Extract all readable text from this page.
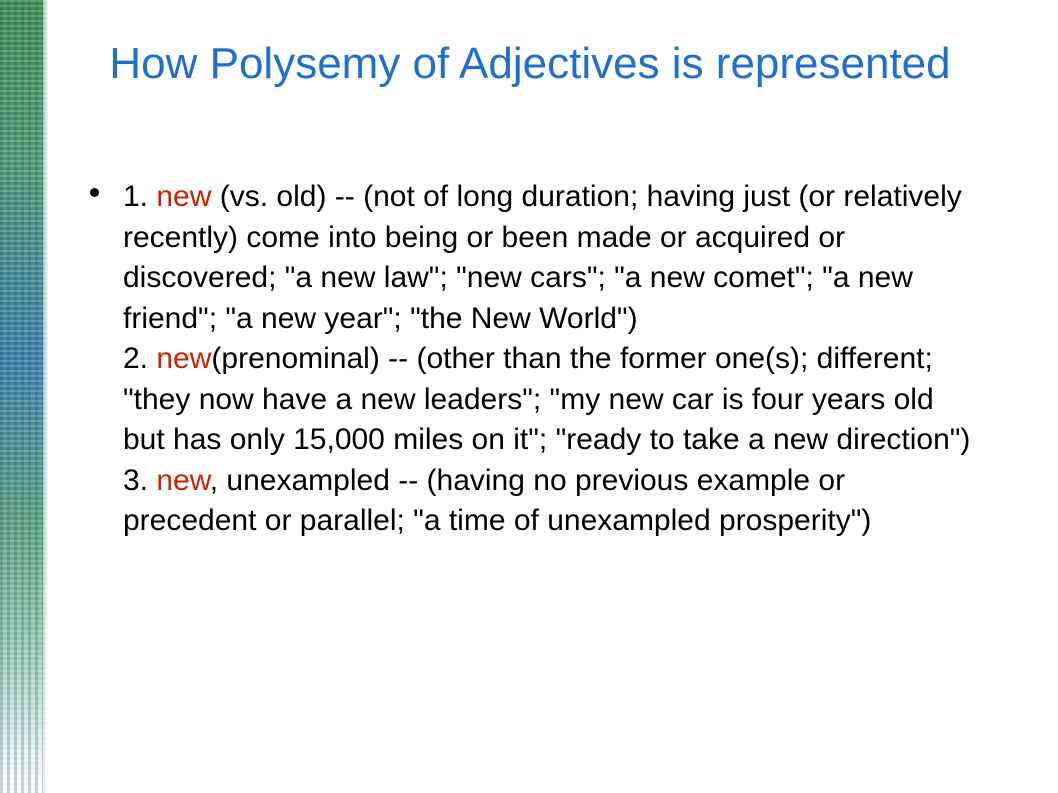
How Polysemy of Adjectives is represented
1. new (vs. old) -- (not of long duration; having just (or relatively recently) come into being or been made or acquired or discovered; "a new law"; "new cars"; "a new comet"; "a new friend"; "a new year"; "the New World")
2. new(prenominal) -- (other than the former one(s); different; "they now have a new leaders"; "my new car is four years old but has only 15,000 miles on it"; "ready to take a new direction")
3. new, unexampled -- (having no previous example or precedent or parallel; "a time of unexampled prosperity")
